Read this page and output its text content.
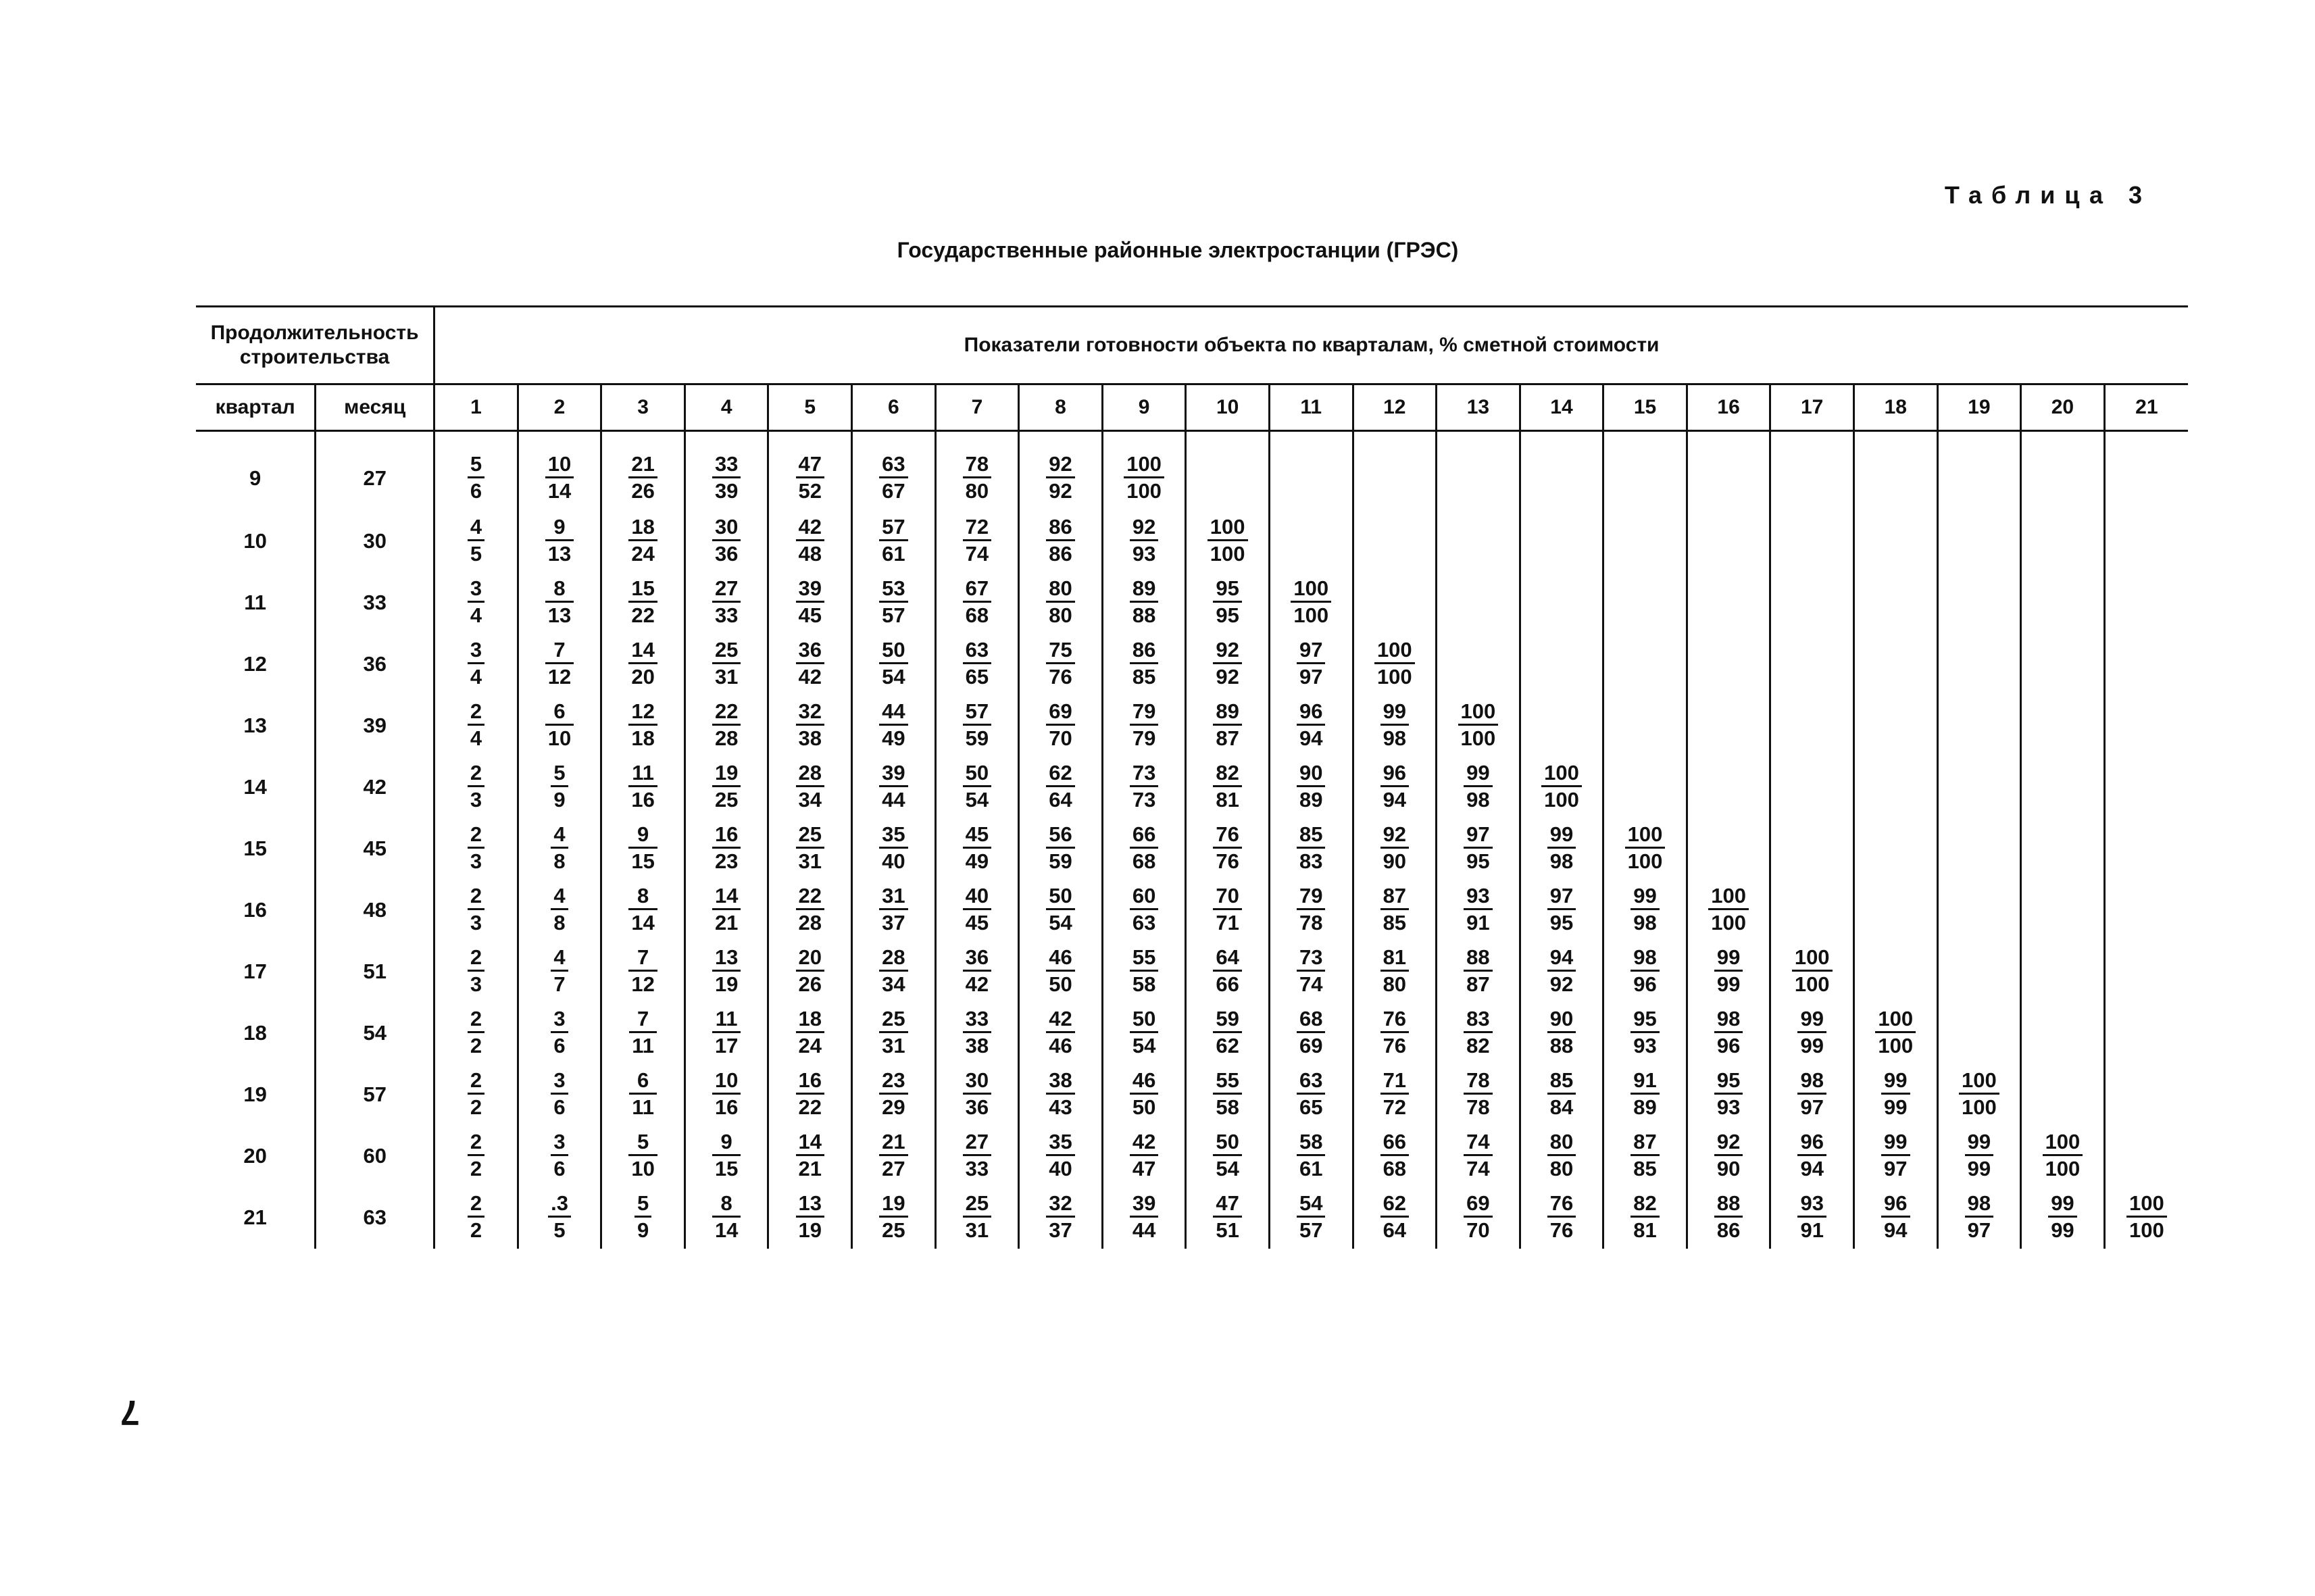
Таблица 3
Государственные районные электростанции (ГРЭС)
Продолжительность строительства		Показатели готовности объекта по кварталам, % сметной стоимости																				
квартал	месяц	1	2	3	4	5	6	7	8	9	10	11	12	13	14	15	16	17	18	19	20	21
9	27	$\frac{5}{6}$	$\frac{10}{14}$	$\frac{21}{26}$	$\frac{33}{39}$	$\frac{47}{52}$	$\frac{63}{67}$	$\frac{78}{80}$	$\frac{92}{92}$	$\frac{100}{100}$

10	30	$\frac{4}{5}$	$\frac{9}{13}$	$\frac{18}{24}$	$\frac{30}{36}$	$\frac{42}{48}$	$\frac{57}{61}$	$\frac{72}{74}$	$\frac{86}{86}$	$\frac{92}{93}$	$\frac{100}{100}$

11	33	$\frac{3}{4}$	$\frac{8}{13}$	$\frac{15}{22}$	$\frac{27}{33}$	$\frac{39}{45}$	$\frac{53}{57}$	$\frac{67}{68}$	$\frac{80}{80}$	$\frac{89}{88}$	$\frac{95}{95}$	$\frac{100}{100}$

12	36	$\frac{3}{4}$	$\frac{7}{12}$	$\frac{14}{20}$	$\frac{25}{31}$	$\frac{36}{42}$	$\frac{50}{54}$	$\frac{63}{65}$	$\frac{75}{76}$	$\frac{86}{85}$	$\frac{92}{92}$	$\frac{97}{97}$	$\frac{100}{100}$

13	39	$\frac{2}{4}$	$\frac{6}{10}$	$\frac{12}{18}$	$\frac{22}{28}$	$\frac{32}{38}$	$\frac{44}{49}$	$\frac{57}{59}$	$\frac{69}{70}$	$\frac{79}{79}$	$\frac{89}{87}$	$\frac{96}{94}$	$\frac{99}{98}$	$\frac{100}{100}$

14	42	$\frac{2}{3}$	$\frac{5}{9}$	$\frac{11}{16}$	$\frac{19}{25}$	$\frac{28}{34}$	$\frac{39}{44}$	$\frac{50}{54}$	$\frac{62}{64}$	$\frac{73}{73}$	$\frac{82}{81}$	$\frac{90}{89}$	$\frac{96}{94}$	$\frac{99}{98}$	$\frac{100}{100}$

15	45	$\frac{2}{3}$	$\frac{4}{8}$	$\frac{9}{15}$	$\frac{16}{23}$	$\frac{25}{31}$	$\frac{35}{40}$	$\frac{45}{49}$	$\frac{56}{59}$	$\frac{66}{68}$	$\frac{76}{76}$	$\frac{85}{83}$	$\frac{92}{90}$	$\frac{97}{95}$	$\frac{99}{98}$	$\frac{100}{100}$

16	48	$\frac{2}{3}$	$\frac{4}{8}$	$\frac{8}{14}$	$\frac{14}{21}$	$\frac{22}{28}$	$\frac{31}{37}$	$\frac{40}{45}$	$\frac{50}{54}$	$\frac{60}{63}$	$\frac{70}{71}$	$\frac{79}{78}$	$\frac{87}{85}$	$\frac{93}{91}$	$\frac{97}{95}$	$\frac{99}{98}$	$\frac{100}{100}$

17	51	$\frac{2}{3}$	$\frac{4}{7}$	$\frac{7}{12}$	$\frac{13}{19}$	$\frac{20}{26}$	$\frac{28}{34}$	$\frac{36}{42}$	$\frac{46}{50}$	$\frac{55}{58}$	$\frac{64}{66}$	$\frac{73}{74}$	$\frac{81}{80}$	$\frac{88}{87}$	$\frac{94}{92}$	$\frac{98}{96}$	$\frac{99}{99}$	$\frac{100}{100}$

18	54	$\frac{2}{2}$	$\frac{3}{6}$	$\frac{7}{11}$	$\frac{11}{17}$	$\frac{18}{24}$	$\frac{25}{31}$	$\frac{33}{38}$	$\frac{42}{46}$	$\frac{50}{54}$	$\frac{59}{62}$	$\frac{68}{69}$	$\frac{76}{76}$	$\frac{83}{82}$	$\frac{90}{88}$	$\frac{95}{93}$	$\frac{98}{96}$	$\frac{99}{99}$	$\frac{100}{100}$

19	57	$\frac{2}{2}$	$\frac{3}{6}$	$\frac{6}{11}$	$\frac{10}{16}$	$\frac{16}{22}$	$\frac{23}{29}$	$\frac{30}{36}$	$\frac{38}{43}$	$\frac{46}{50}$	$\frac{55}{58}$	$\frac{63}{65}$	$\frac{71}{72}$	$\frac{78}{78}$	$\frac{85}{84}$	$\frac{91}{89}$	$\frac{95}{93}$	$\frac{98}{97}$	$\frac{99}{99}$	$\frac{100}{100}$

20	60	$\frac{2}{2}$	$\frac{3}{6}$	$\frac{5}{10}$	$\frac{9}{15}$	$\frac{14}{21}$	$\frac{21}{27}$	$\frac{27}{33}$	$\frac{35}{40}$	$\frac{42}{47}$	$\frac{50}{54}$	$\frac{58}{61}$	$\frac{66}{68}$	$\frac{74}{74}$	$\frac{80}{80}$	$\frac{87}{85}$	$\frac{92}{90}$	$\frac{96}{94}$	$\frac{99}{97}$	$\frac{99}{99}$	$\frac{100}{100}$

21	63	$\frac{2}{2}$	$\frac{.3}{5}$	$\frac{5}{9}$	$\frac{8}{14}$	$\frac{13}{19}$	$\frac{19}{25}$	$\frac{25}{31}$	$\frac{32}{37}$	$\frac{39}{44}$	$\frac{47}{51}$	$\frac{54}{57}$	$\frac{62}{64}$	$\frac{69}{70}$	$\frac{76}{76}$	$\frac{82}{81}$	$\frac{88}{86}$	$\frac{93}{91}$	$\frac{96}{94}$	$\frac{98}{97}$	$\frac{99}{99}$	$\frac{100}{100}$
7
